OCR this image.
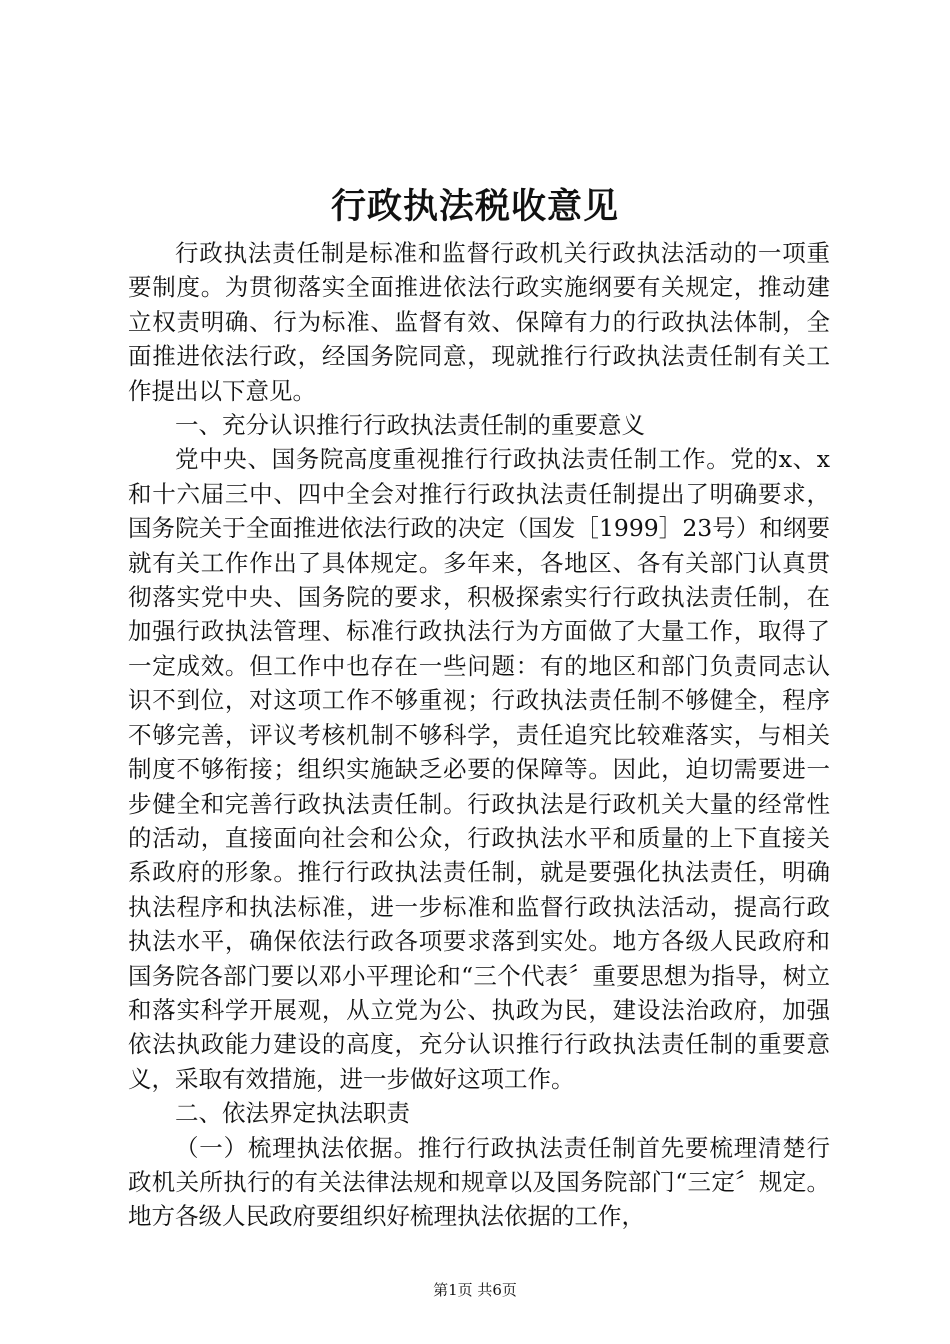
行政执法税收意见

行政执法责任制是标准和监督行政机关行政执法活动的一项重要制度。为贯彻落实全面推进依法行政实施纲要有关规定，推动建立权责明确、行为标准、监督有效、保障有力的行政执法体制，全面推进依法行政，经国务院同意，现就推行行政执法责任制有关工作提出以下意见。

一、充分认识推行行政执法责任制的重要意义

党中央、国务院高度重视推行行政执法责任制工作。党的x、x和十六届三中、四中全会对推行行政执法责任制提出了明确要求，国务院关于全面推进依法行政的决定（国发［1999］23号）和纲要就有关工作作出了具体规定。多年来，各地区、各有关部门认真贯彻落实党中央、国务院的要求，积极探索实行行政执法责任制，在加强行政执法管理、标准行政执法行为方面做了大量工作，取得了一定成效。但工作中也存在一些问题：有的地区和部门负责同志认识不到位，对这项工作不够重视；行政执法责任制不够健全，程序不够完善，评议考核机制不够科学，责任追究比较难落实，与相关制度不够衔接；组织实施缺乏必要的保障等。因此，迫切需要进一步健全和完善行政执法责任制。行政执法是行政机关大量的经常性的活动，直接面向社会和公众，行政执法水平和质量的上下直接关系政府的形象。推行行政执法责任制，就是要强化执法责任，明确执法程序和执法标准，进一步标准和监督行政执法活动，提高行政执法水平，确保依法行政各项要求落到实处。地方各级人民政府和国务院各部门要以邓小平理论和“三个代表〞重要思想为指导，树立和落实科学开展观，从立党为公、执政为民，建设法治政府，加强依法执政能力建设的高度，充分认识推行行政执法责任制的重要意义，采取有效措施，进一步做好这项工作。

二、依法界定执法职责

（一）梳理执法依据。推行行政执法责任制首先要梳理清楚行政机关所执行的有关法律法规和规章以及国务院部门“三定〞规定。地方各级人民政府要组织好梳理执法依据的工作，

第1页 共6页
